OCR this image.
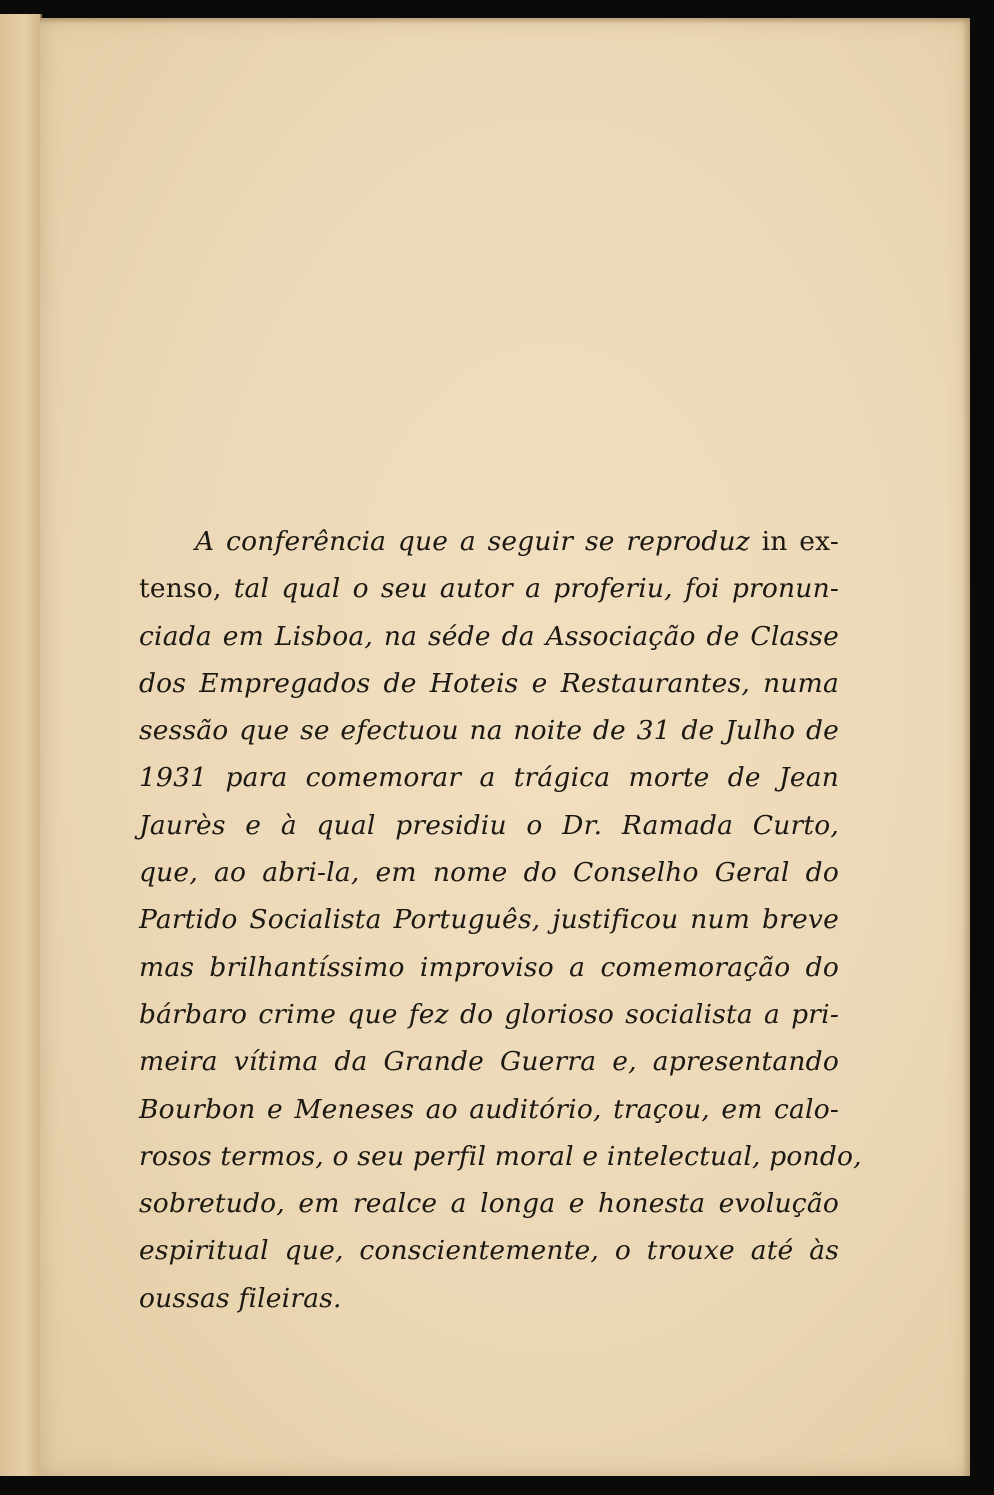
A conferência que a seguir se reproduz in ex-
tenso, tal qual o seu autor a proferiu, foi pronun-
ciada em Lisboa, na séde da Associação de Classe
dos Empregados de Hoteis e Restaurantes, numa
sessão que se efectuou na noite de 31 de Julho de
1931 para comemorar a trágica morte de Jean
Jaurès e à qual presidiu o Dr. Ramada Curto,
que, ao abri-la, em nome do Conselho Geral do
Partido Socialista Português, justificou num breve
mas brilhantíssimo improviso a comemoração do
bárbaro crime que fez do glorioso socialista a pri-
meira vítima da Grande Guerra e, apresentando
Bourbon e Meneses ao auditório, traçou, em calo-
rosos termos, o seu perfil moral e intelectual, pondo,
sobretudo, em realce a longa e honesta evolução
espiritual que, conscientemente, o trouxe até às
oussas fileiras.
